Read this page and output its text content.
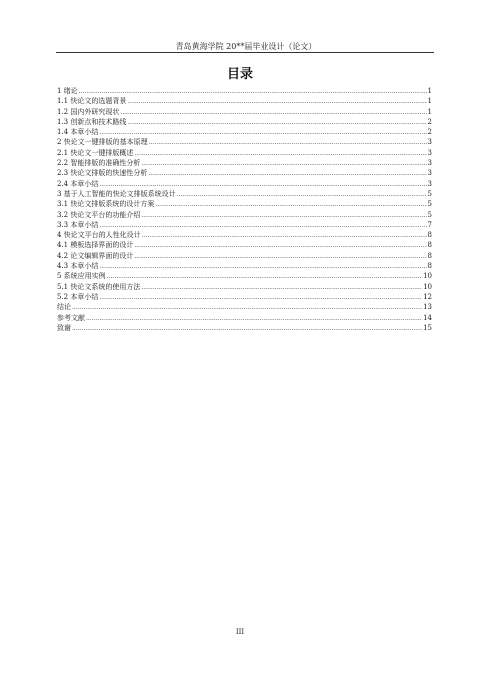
青岛黄海学院 20**届毕业设计（论文）
目录
1 绪论 .....	1
1.1 快论文的选题背景 .....	1
1.2 国内外研究现状 .....	1
1.3 创新点和技术路线 .....	2
1.4 本章小结 .....	2
2 快论文一键排版的基本原理 .....	3
2.1 快论文一键排版概述 .....	3
2.2 智能排版的准确性分析 .....	3
2.3 快论文排版的快速性分析 .....	3
2.4 本章小结 .....	3
3 基于人工智能的快论文排版系统设计 .....	5
3.1 快论文排版系统的设计方案 .....	5
3.2 快论文平台的功能介绍 .....	5
3.3 本章小结 .....	7
4 快论文平台的人性化设计 .....	8
4.1 模板选择界面的设计 .....	8
4.2 论文编辑界面的设计 .....	8
4.3 本章小结 .....	8
5 系统应用实例 .....	10
5.1 快论文系统的使用方法 .....	10
5.2 本章小结 .....	12
结论 .....	13
参考文献 .....	14
致谢 .....	15
III
